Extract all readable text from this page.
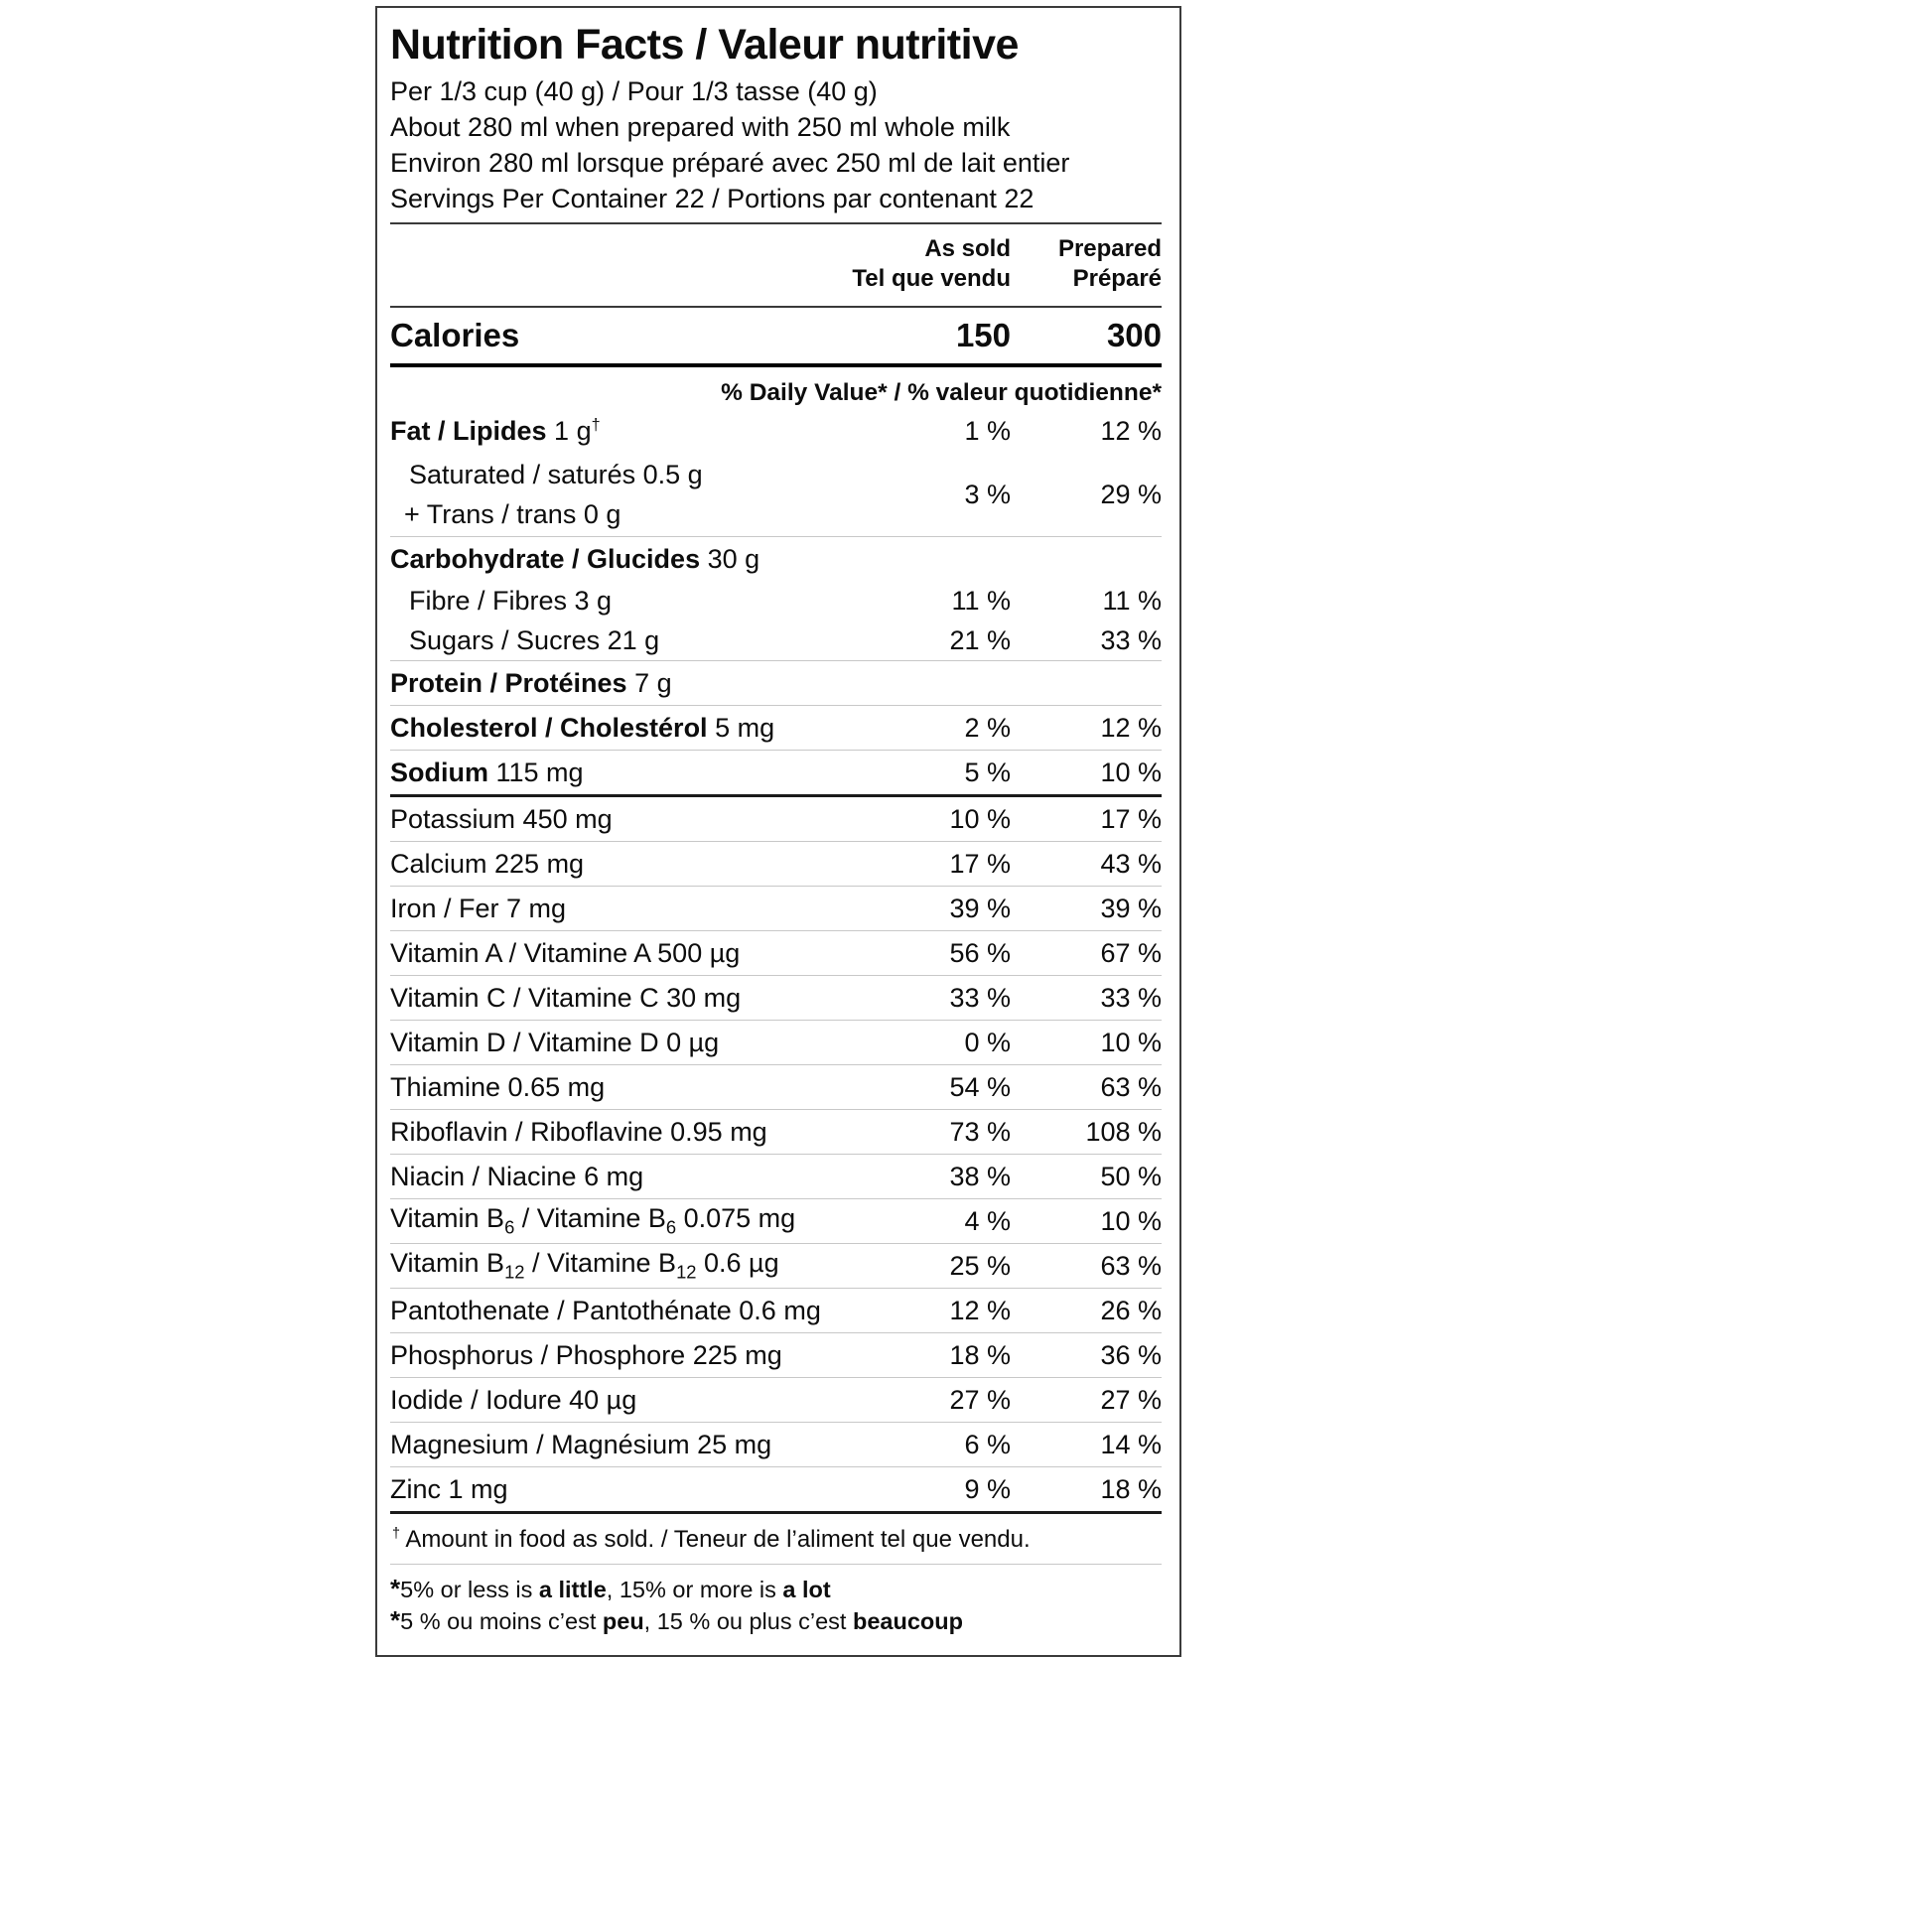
Nutrition Facts / Valeur nutritive
Per 1/3 cup (40 g) / Pour 1/3 tasse (40 g)
About 280 ml when prepared with 250 ml whole milk
Environ 280 ml lorsque préparé avec 250 ml de lait entier
Servings Per Container 22 / Portions par contenant 22
As sold
Tel que vendu
Prepared
Préparé
Calories	150	300
% Daily Value* / % valeur quotidienne*
Fat / Lipides 1 g†	1 %	12 %
Saturated / saturés 0.5 g
+ Trans / trans 0 g
3 %	29 %
Carbohydrate / Glucides 30 g
Fibre / Fibres 3 g	11 %	11 %
Sugars / Sucres 21 g	21 %	33 %
Protein / Protéines 7 g
Cholesterol / Cholestérol 5 mg	2 %	12 %
Sodium 115 mg	5 %	10 %
Potassium 450 mg	10 %	17 %
Calcium 225 mg	17 %	43 %
Iron / Fer 7 mg	39 %	39 %
Vitamin A / Vitamine A 500 µg	56 %	67 %
Vitamin C / Vitamine C 30 mg	33 %	33 %
Vitamin D / Vitamine D 0 µg	0 %	10 %
Thiamine 0.65 mg	54 %	63 %
Riboflavin / Riboflavine 0.95 mg	73 %	108 %
Niacin / Niacine 6 mg	38 %	50 %
Vitamin $B_6$ / Vitamine $B_6$ 0.075 mg	4 %	10 %
Vitamin $B_{12}$ / Vitamine $B_{12}$ 0.6 µg	25 %	63 %
Pantothenate / Pantothénate 0.6 mg	12 %	26 %
Phosphorus / Phosphore 225 mg	18 %	36 %
Iodide / Iodure 40 µg	27 %	27 %
Magnesium / Magnésium 25 mg	6 %	14 %
Zinc 1 mg	9 %	18 %
† Amount in food as sold. / Teneur de l’aliment tel que vendu.
*5% or less is a little, 15% or more is a lot
*5 % ou moins c’est peu, 15 % ou plus c’est beaucoup
